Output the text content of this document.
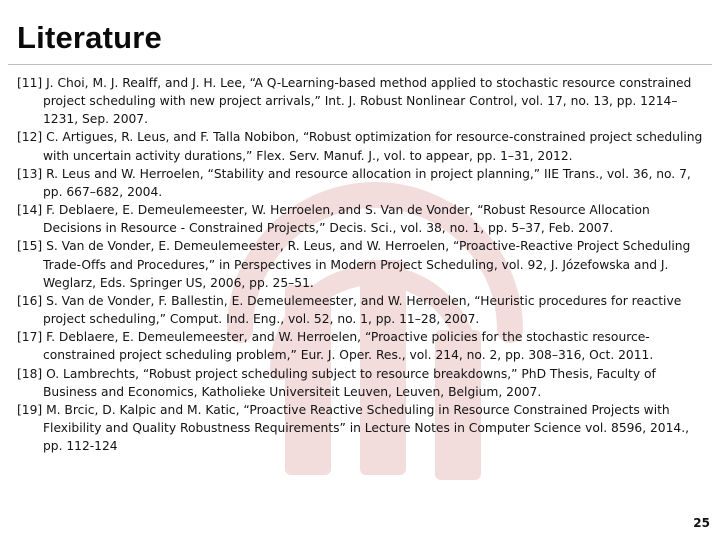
Literature

[11] J. Choi, M. J. Realff, and J. H. Lee, “A Q-Learning-based method applied to stochastic resource constrained project scheduling with new project arrivals,” Int. J. Robust Nonlinear Control, vol. 17, no. 13, pp. 1214–1231, Sep. 2007.

[12] C. Artigues, R. Leus, and F. Talla Nobibon, “Robust optimization for resource-constrained project scheduling with uncertain activity durations,” Flex. Serv. Manuf. J., vol. to appear, pp. 1–31, 2012.

[13] R. Leus and W. Herroelen, “Stability and resource allocation in project planning,” IIE Trans., vol. 36, no. 7, pp. 667–682, 2004.

[14] F. Deblaere, E. Demeulemeester, W. Herroelen, and S. Van de Vonder, “Robust Resource Allocation Decisions in Resource - Constrained Projects,” Decis. Sci., vol. 38, no. 1, pp. 5–37, Feb. 2007.

[15] S. Van de Vonder, E. Demeulemeester, R. Leus, and W. Herroelen, “Proactive-Reactive Project Scheduling Trade-Offs and Procedures,” in Perspectives in Modern Project Scheduling, vol. 92, J. Józefowska and J. Weglarz, Eds. Springer US, 2006, pp. 25–51.

[16] S. Van de Vonder, F. Ballestin, E. Demeulemeester, and W. Herroelen, “Heuristic procedures for reactive project scheduling,” Comput. Ind. Eng., vol. 52, no. 1, pp. 11–28, 2007.

[17] F. Deblaere, E. Demeulemeester, and W. Herroelen, “Proactive policies for the stochastic resource-constrained project scheduling problem,” Eur. J. Oper. Res., vol. 214, no. 2, pp. 308–316, Oct. 2011.

[18] O. Lambrechts, “Robust project scheduling subject to resource breakdowns,” PhD Thesis, Faculty of Business and Economics, Katholieke Universiteit Leuven, Leuven, Belgium, 2007.

[19] M. Brcic, D. Kalpic and M. Katic, “Proactive Reactive Scheduling in Resource Constrained Projects with Flexibility and Quality Robustness Requirements” in Lecture Notes in Computer Science vol. 8596, 2014., pp. 112-124

25
